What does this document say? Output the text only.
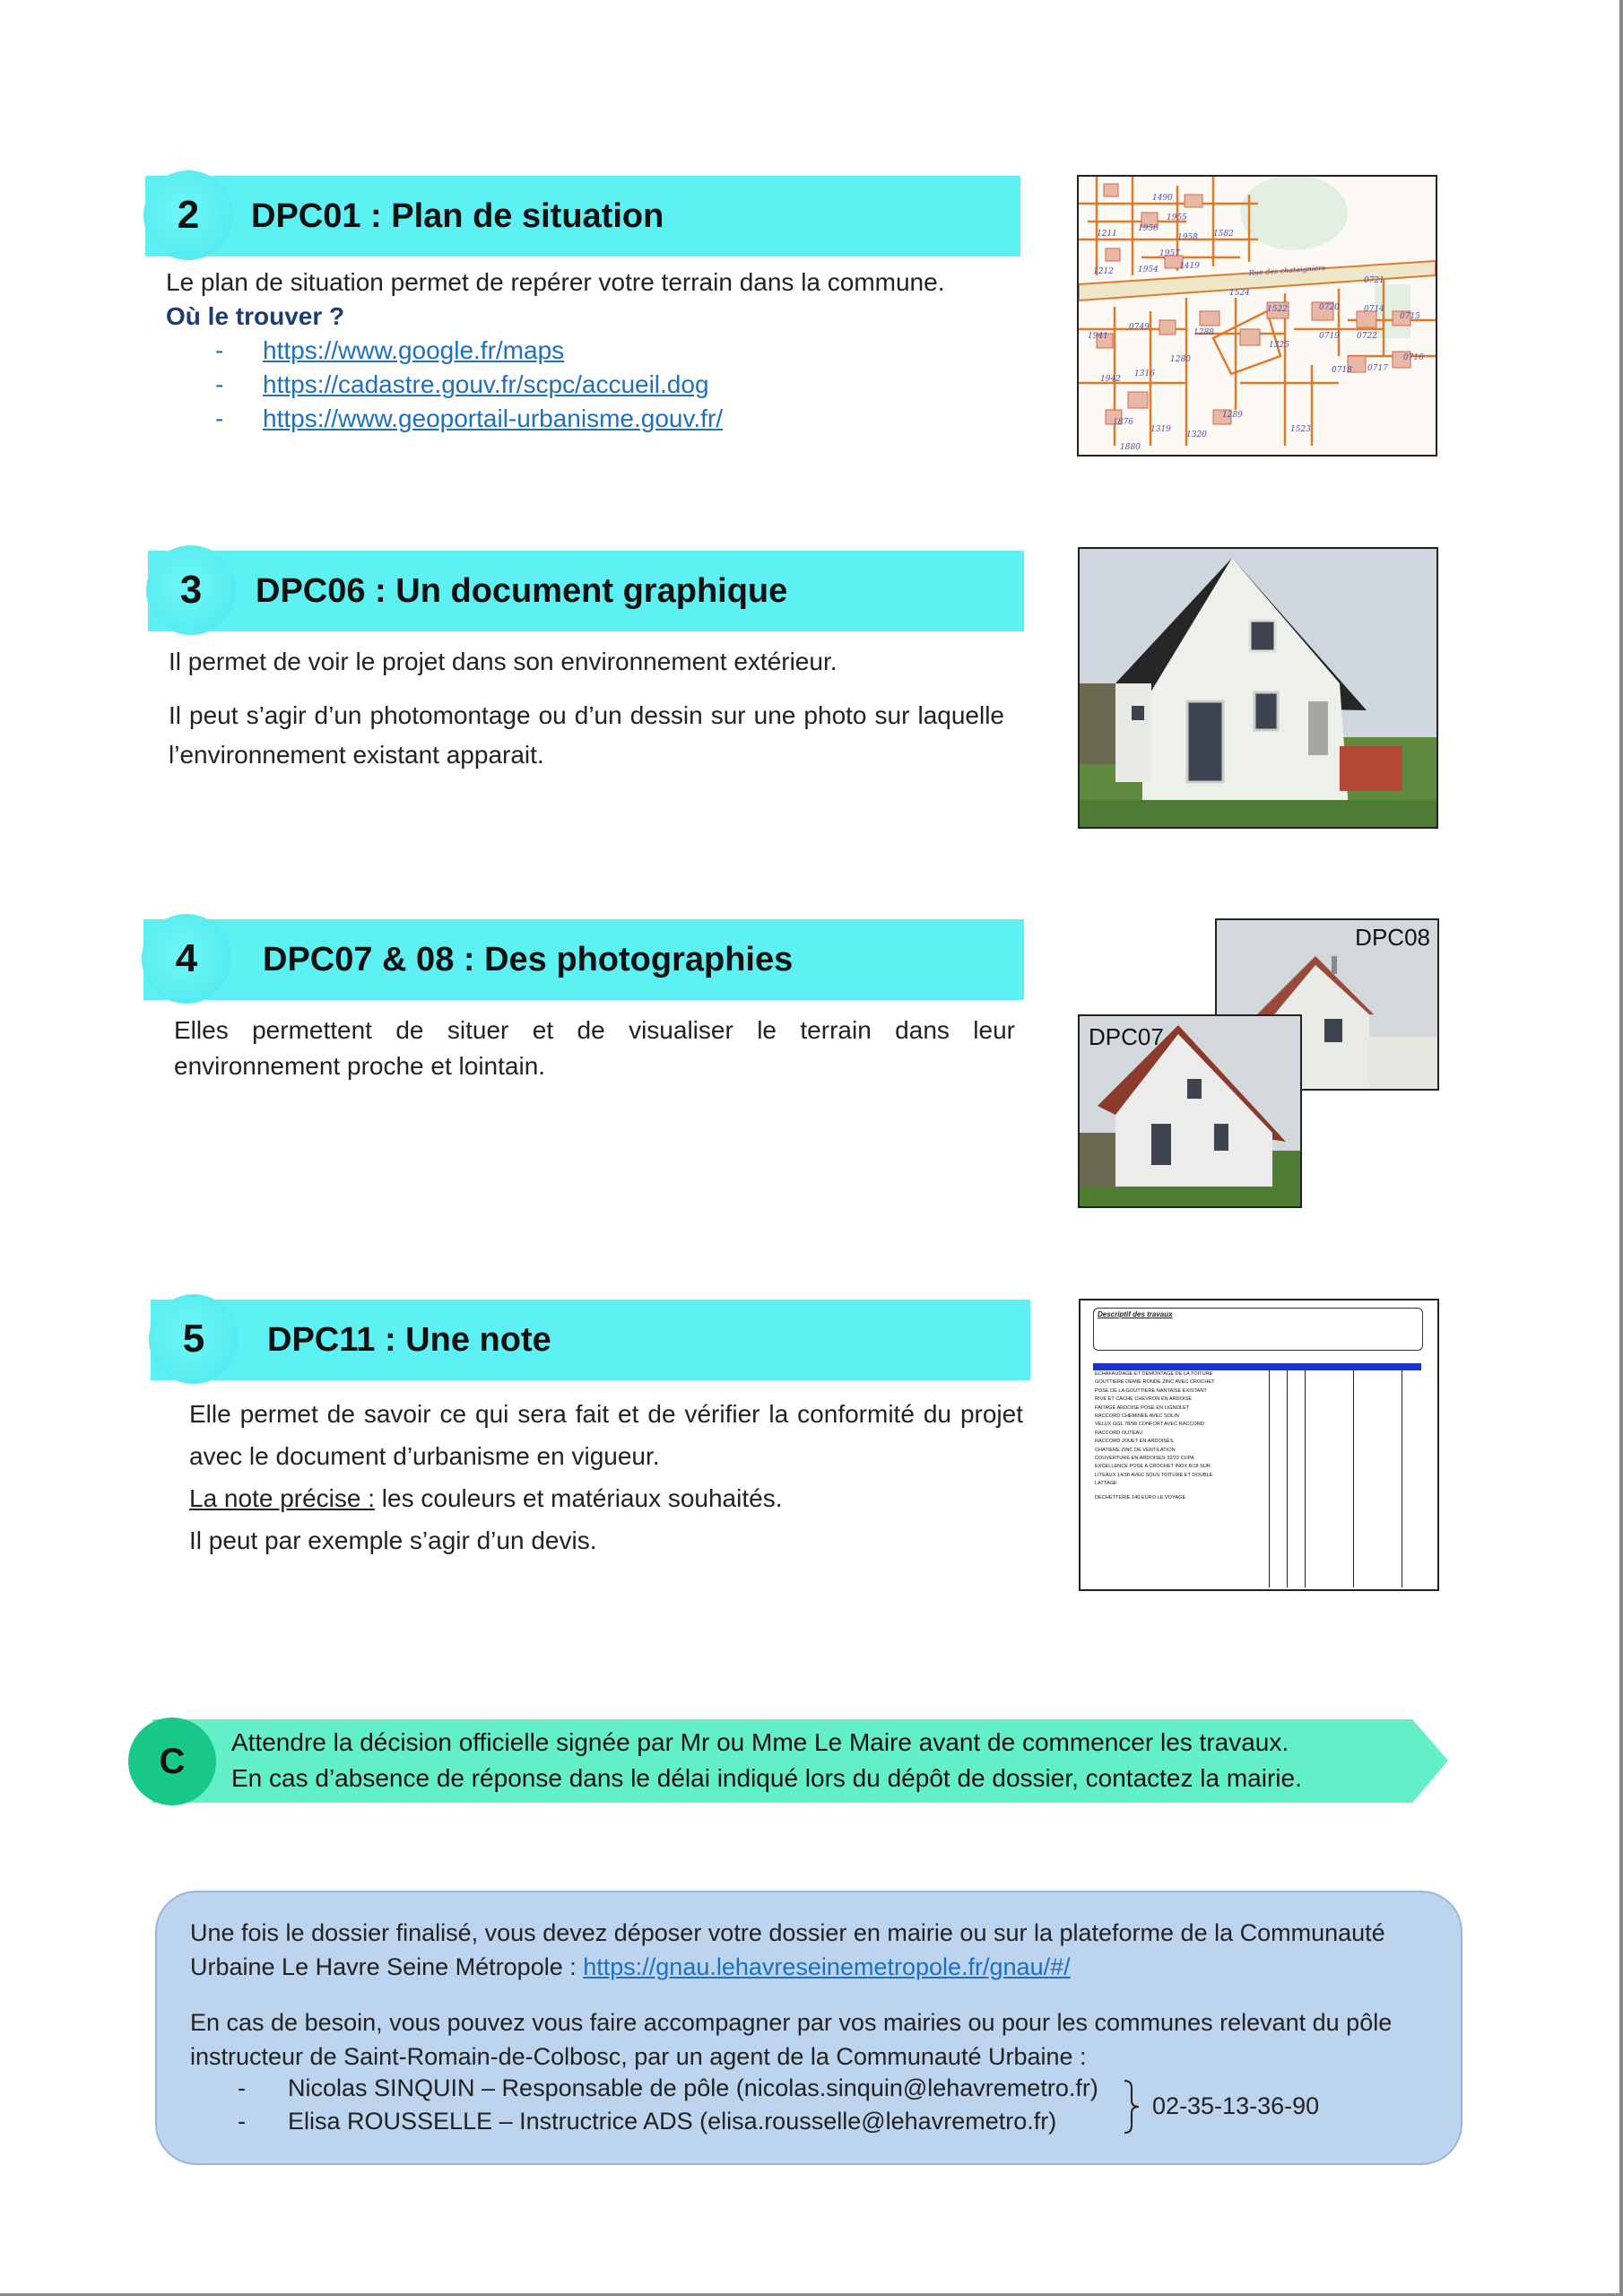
2	DPC01 : Plan de situation

Le plan de situation permet de repérer votre terrain dans la commune.

Où le trouver ?

- https://www.google.fr/maps
- https://cadastre.gouv.fr/scpc/accueil.dog
- https://www.geoportail-urbanisme.gouv.fr/
1490
1211
1956
1955
1958 1582
1957
1212	1954	1419
1524
0721
1522	0720	0714
0715
1325
0719 0722
1941
0749
1288
1280
0718
0716
1942
1316
0717
1289
1523
1876
1319
1320
1880
Rue des chataigniers
3	DPC06 : Un document graphique

Il permet de voir le projet dans son environnement extérieur.

Il peut s’agir d’un photomontage ou d’un dessin sur une photo sur laquelle l’environnement existant apparait.

4	DPC07 & 08 : Des photographies

Elles permettent de situer et de visualiser le terrain dans leur environnement proche et lointain.

DPC08
DPC07
5	DPC11 : Une note

Elle permet de savoir ce qui sera fait et de vérifier la conformité du projet avec le document d’urbanisme en vigueur.

La note précise : les couleurs et matériaux souhaités.

Il peut par exemple s’agir d’un devis.

Descriptif des travaux
ECHAFAUDAGE ET DEMONTAGE DE LA TOITURE
GOUTTIERE DEMIE RONDE ZINC AVEC CROCHET
POSE DE LA GOUTTIERE NANTAISE EXISTANT
RIVE ET CACHE CHEVRON EN ARDOISE
FAITAGE ARDOISE POSE EN LIGNOLET
RACCORD CHEMINEE AVEC SOLIN
VELUX GGL 78/98 CONFORT AVEC RACCORD
RACCORD OUTEAU
RACCORD JOUET EN ARDOISES
CHATIERE ZINC DE VENTILATION
COUVERTURE EN ARDOISES 32/22 CUPA
EXCELLENCE POSE A CROCHET INOX 8/18 SUR
LITEAUX 14/38 AVEC SOUS TOITURE ET DOUBLE
LATTAGE
DECHETTERIE 140 EURO LE VOYAGE
C	Attendre la décision officielle signée par Mr ou Mme Le Maire avant de commencer les travaux.
En cas d’absence de réponse dans le délai indiqué lors du dépôt de dossier, contactez la mairie.
Une fois le dossier finalisé, vous devez déposer votre dossier en mairie ou sur la plateforme de la Communauté Urbaine Le Havre Seine Métropole : https://gnau.lehavreseinemetropole.fr/gnau/#/
En cas de besoin, vous pouvez vous faire accompagner par vos mairies ou pour les communes relevant du pôle instructeur de Saint-Romain-de-Colbosc, par un agent de la Communauté Urbaine :
- Nicolas SINQUIN – Responsable de pôle (nicolas.sinquin@lehavremetro.fr)
- Elisa ROUSSELLE – Instructrice ADS (elisa.rousselle@lehavremetro.fr)
02-35-13-36-90
